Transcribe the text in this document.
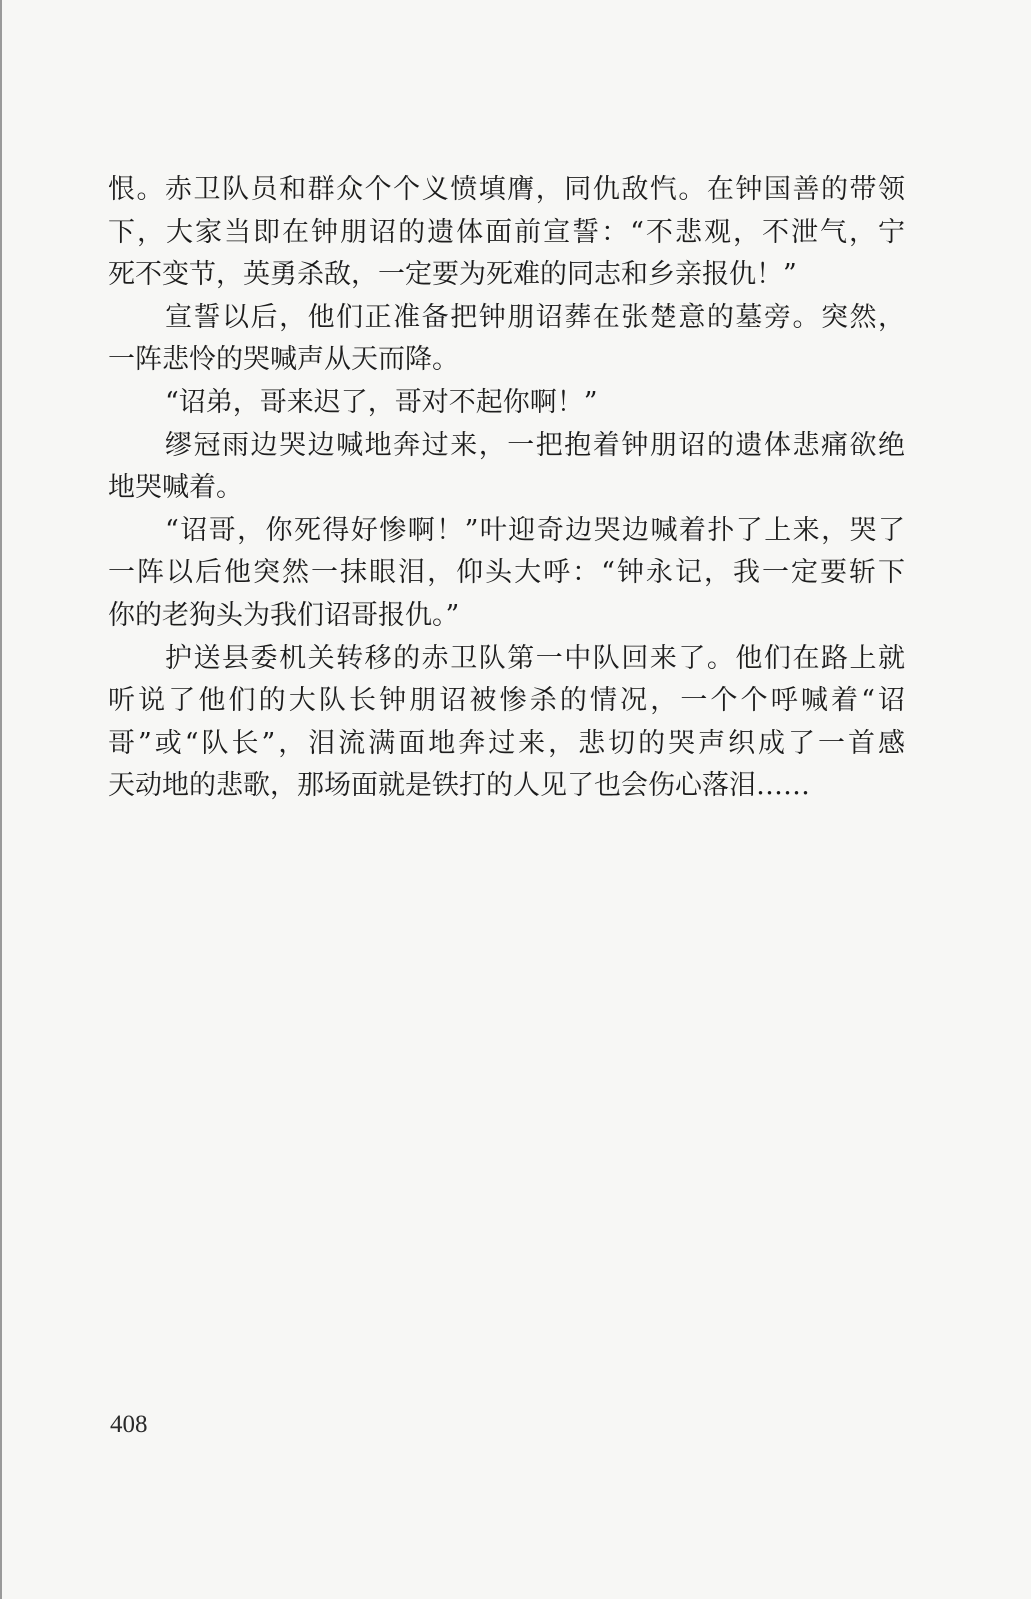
恨。赤卫队员和群众个个义愤填膺，同仇敌忾。在钟国善的带领
下，大家当即在钟朋诏的遗体面前宣誓：“不悲观，不泄气，宁
死不变节，英勇杀敌，一定要为死难的同志和乡亲报仇！”

宣誓以后，他们正准备把钟朋诏葬在张楚意的墓旁。突然，
一阵悲怜的哭喊声从天而降。

“诏弟，哥来迟了，哥对不起你啊！”

缪冠雨边哭边喊地奔过来，一把抱着钟朋诏的遗体悲痛欲绝
地哭喊着。

“诏哥，你死得好惨啊！”叶迎奇边哭边喊着扑了上来，哭了
一阵以后他突然一抹眼泪，仰头大呼：“钟永记，我一定要斩下
你的老狗头为我们诏哥报仇。”

护送县委机关转移的赤卫队第一中队回来了。他们在路上就
听说了他们的大队长钟朋诏被惨杀的情况，一个个呼喊着“诏
哥”或“队长”，泪流满面地奔过来，悲切的哭声织成了一首感
天动地的悲歌，那场面就是铁打的人见了也会伤心落泪……

408
